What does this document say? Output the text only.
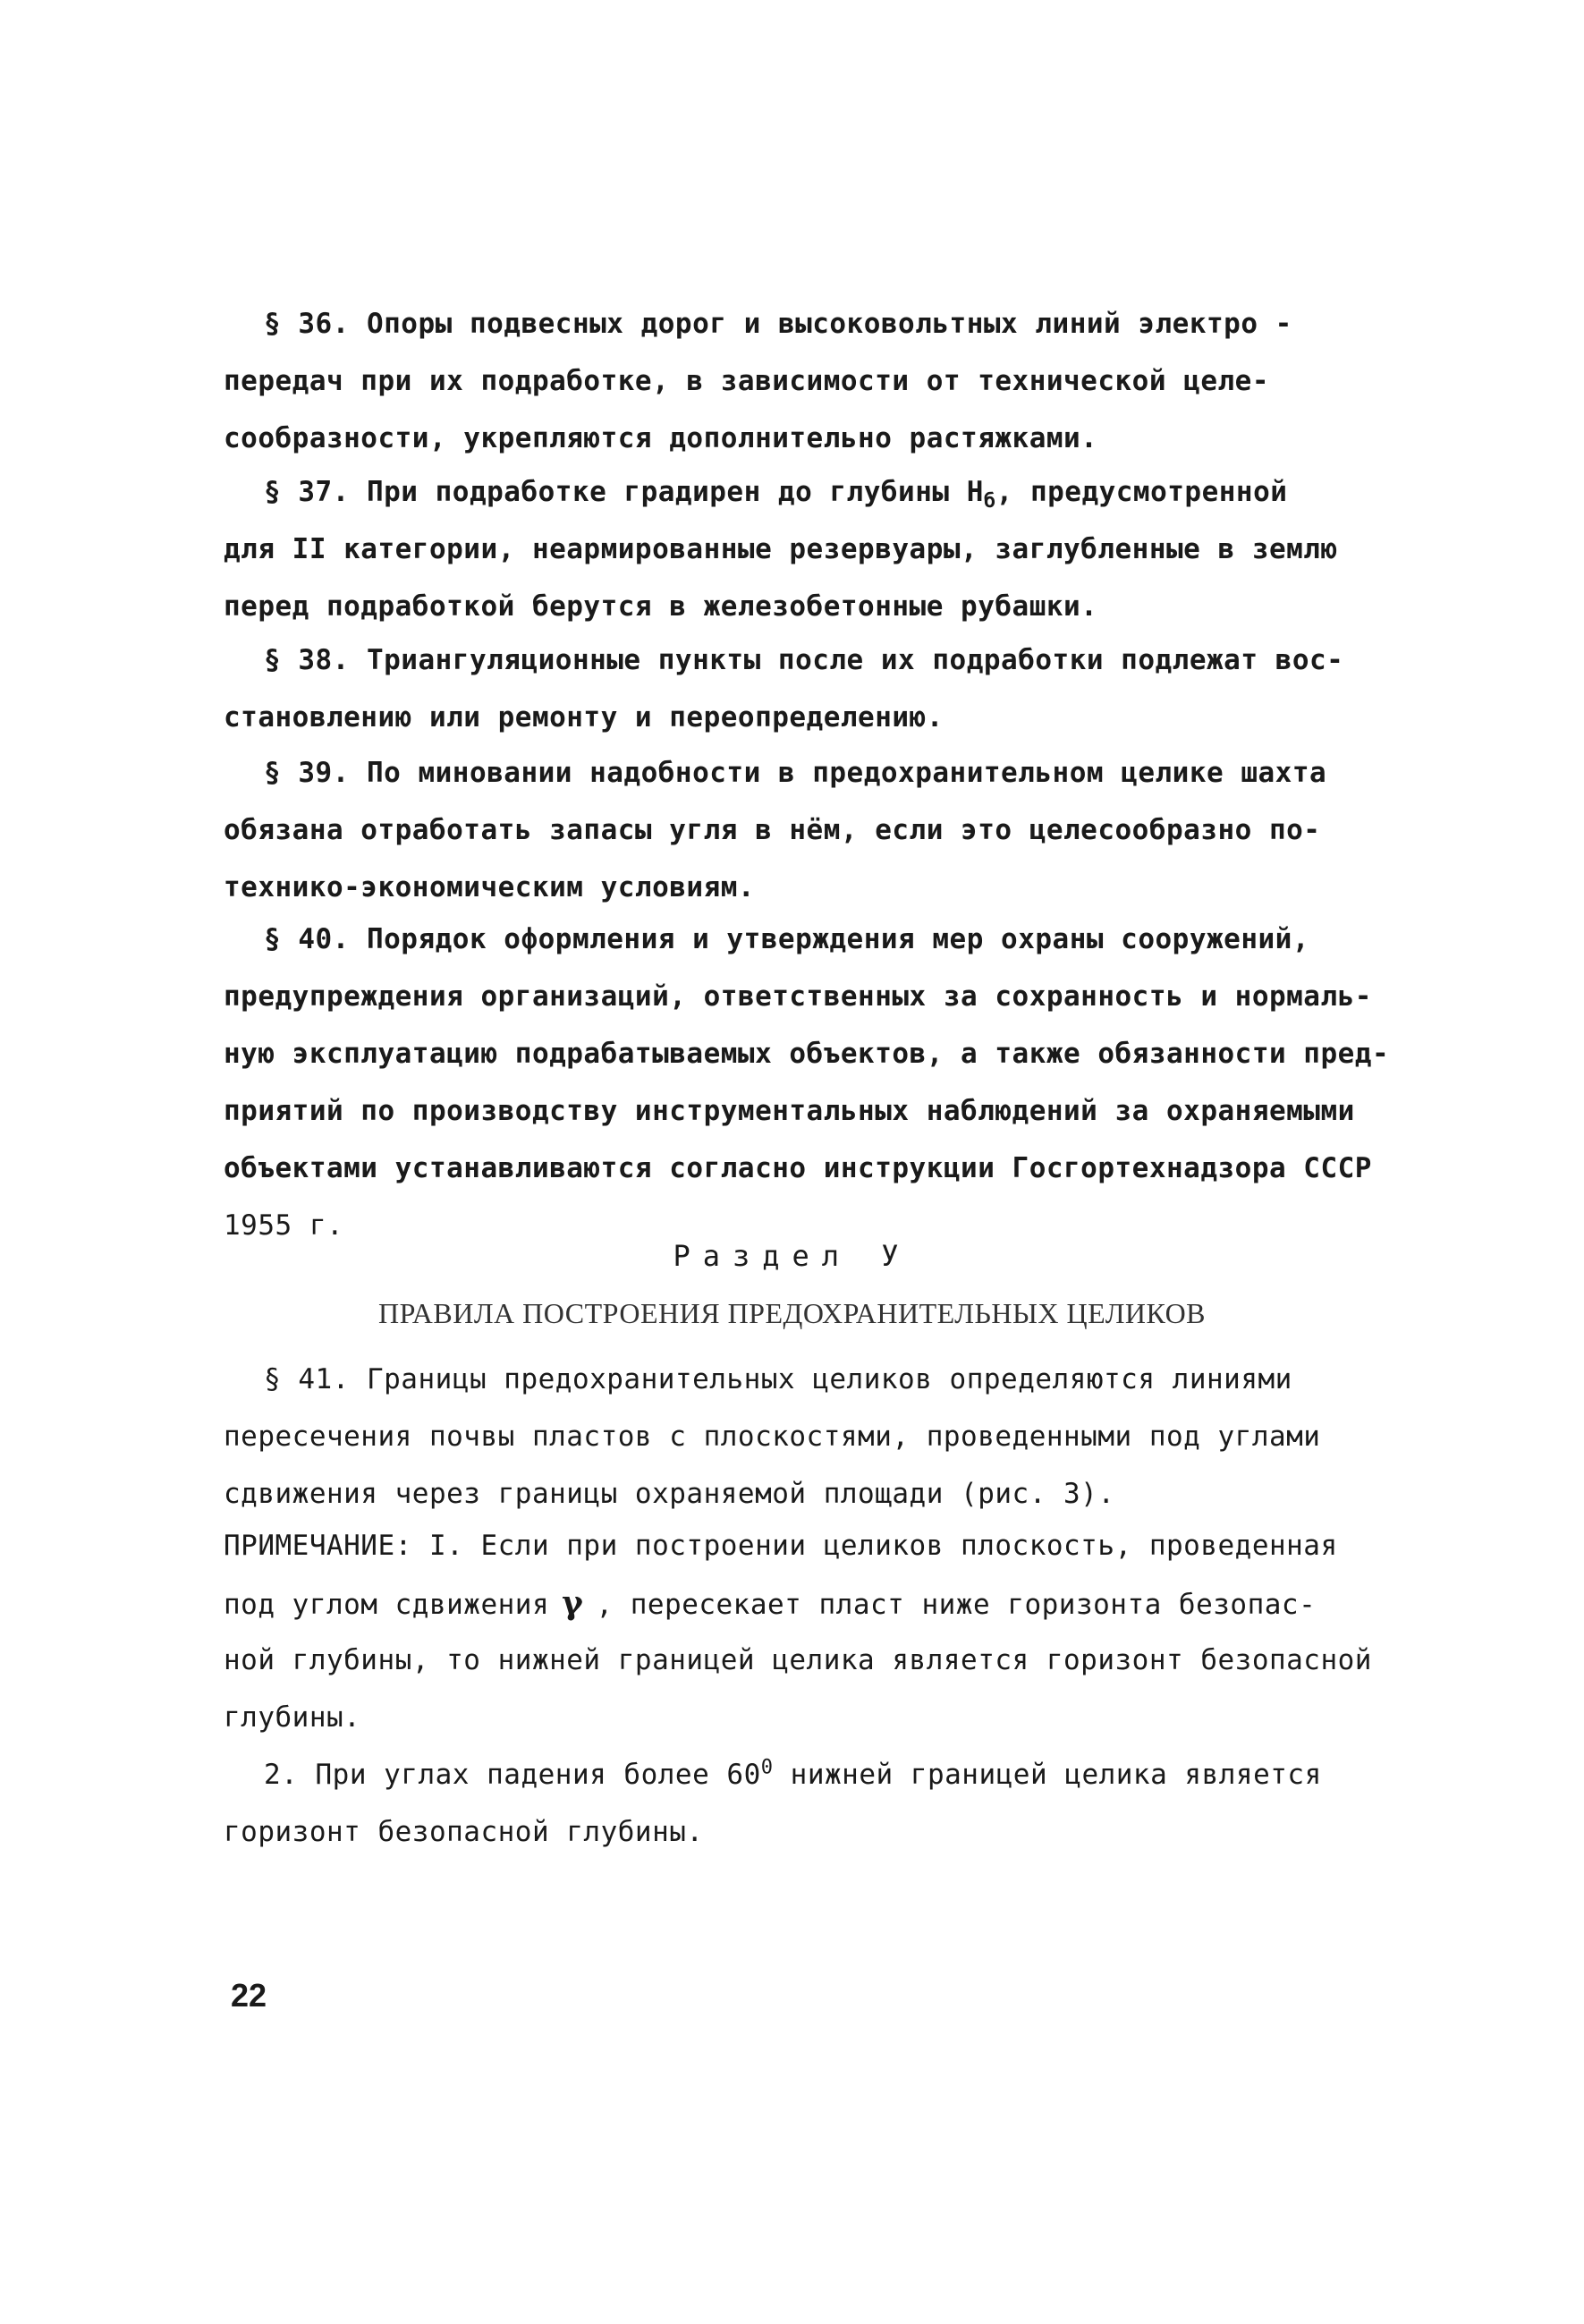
§ 36. Опоры подвесных дорог и высоковольтных линий электро -
передач при их подработке, в зависимости от технической целе-
сообразности, укрепляются дополнительно растяжками.
§ 37. При подработке градирен до глубины $Н_б$, предусмотренной
для II категории, неармированные резервуары, заглубленные в землю
перед подработкой берутся в железобетонные рубашки.
§ 38. Триангуляционные пункты после их подработки подлежат вос-
становлению или ремонту и переопределению.
§ 39. По миновании надобности в предохранительном целике шахта
обязана отработать запасы угля в нём, если это целесообразно по-
технико-экономическим условиям.
§ 40. Порядок оформления и утверждения мер охраны сооружений,
предупреждения организаций, ответственных за сохранность и нормаль-
ную эксплуатацию подрабатываемых объектов, а также обязанности пред-
приятий по производству инструментальных наблюдений за охраняемыми
объектами устанавливаются согласно инструкции Госгортехнадзора СССР
1955 г.
Раздел У
ПРАВИЛА ПОСТРОЕНИЯ ПРЕДОХРАНИТЕЛЬНЫХ ЦЕЛИКОВ
§ 41. Границы предохранительных целиков определяются линиями
пересечения почвы пластов с плоскостями, проведенными под углами
сдвижения через границы охраняемой площади (рис. 3).
ПРИМЕЧАНИЕ: I. Если при построении целиков плоскость, проведенная
под углом сдвижения γ , пересекает пласт ниже горизонта безопас-
ной глубины, то нижней границей целика является горизонт безопасной
глубины.
2. При углах падения более $60^0$ нижней границей целика является
горизонт безопасной глубины.
22
